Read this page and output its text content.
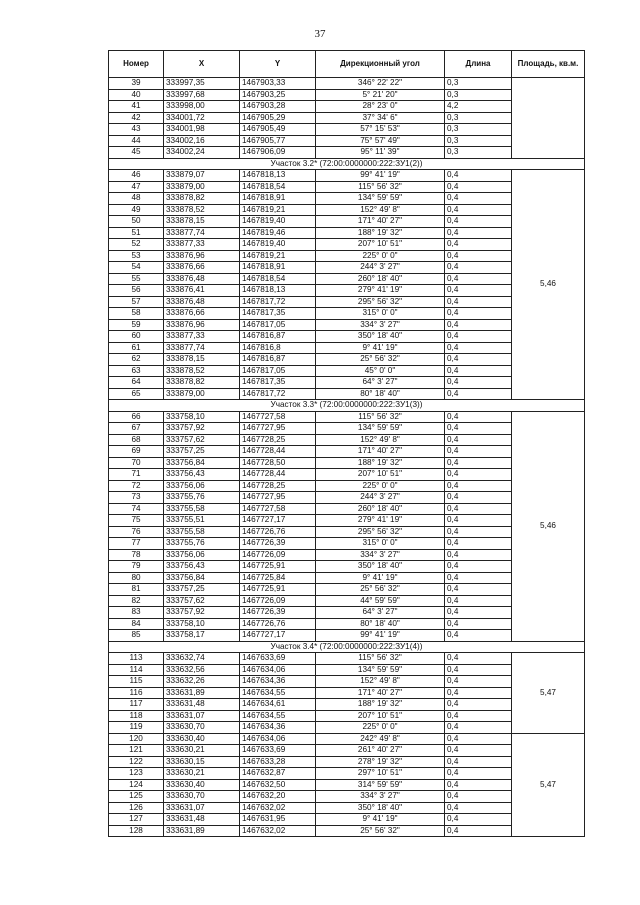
37
Номер	X	Y	Дирекционный угол	Длина	Площадь, кв.м.
39	333997,35	1467903,33	346° 22' 22"	0,3	
40	333997,68	1467903,25	5° 21' 20"	0,3	
41	333998,00	1467903,28	28° 23' 0"	4,2	
42	334001,72	1467905,29	37° 34' 6"	0,3	
43	334001,98	1467905,49	57° 15' 53"	0,3	
44	334002,16	1467905,77	75° 57' 49"	0,3	
45	334002,24	1467906,09	95° 11' 39"	0,3	
Участок 3.2* (72:00:0000000:222:ЗУ1(2))					
46	333879,07	1467818,13	99° 41' 19"	0,4	5,46
47	333879,00	1467818,54	115° 56' 32"	0,4	
48	333878,82	1467818,91	134° 59' 59"	0,4	
49	333878,52	1467819,21	152° 49' 8"	0,4	
50	333878,15	1467819,40	171° 40' 27"	0,4	
51	333877,74	1467819,46	188° 19' 32"	0,4	
52	333877,33	1467819,40	207° 10' 51"	0,4	
53	333876,96	1467819,21	225° 0' 0"	0,4	
54	333876,66	1467818,91	244° 3' 27"	0,4	
55	333876,48	1467818,54	260° 18' 40"	0,4	
56	333876,41	1467818,13	279° 41' 19"	0,4	
57	333876,48	1467817,72	295° 56' 32"	0,4	
58	333876,66	1467817,35	315° 0' 0"	0,4	
59	333876,96	1467817,05	334° 3' 27"	0,4	
60	333877,33	1467816,87	350° 18' 40"	0,4	
61	333877,74	1467816,8	9° 41' 19"	0,4	
62	333878,15	1467816,87	25° 56' 32"	0,4	
63	333878,52	1467817,05	45° 0' 0"	0,4	
64	333878,82	1467817,35	64° 3' 27"	0,4	
65	333879,00	1467817,72	80° 18' 40"	0,4	
Участок 3.3* (72:00:0000000:222:ЗУ1(3))					
66	333758,10	1467727,58	115° 56' 32"	0,4	5,46
67	333757,92	1467727,95	134° 59' 59"	0,4	
68	333757,62	1467728,25	152° 49' 8"	0,4	
69	333757,25	1467728,44	171° 40' 27"	0,4	
70	333756,84	1467728,50	188° 19' 32"	0,4	
71	333756,43	1467728,44	207° 10' 51"	0,4	
72	333756,06	1467728,25	225° 0' 0"	0,4	
73	333755,76	1467727,95	244° 3' 27"	0,4	
74	333755,58	1467727,58	260° 18' 40"	0,4	
75	333755,51	1467727,17	279° 41' 19"	0,4	
76	333755,58	1467726,76	295° 56' 32"	0,4	
77	333755,76	1467726,39	315° 0' 0"	0,4	
78	333756,06	1467726,09	334° 3' 27"	0,4	
79	333756,43	1467725,91	350° 18' 40"	0,4	
80	333756,84	1467725,84	9° 41' 19"	0,4	
81	333757,25	1467725,91	25° 56' 32"	0,4	
82	333757,62	1467726,09	44° 59' 59"	0,4	
83	333757,92	1467726,39	64° 3' 27"	0,4	
84	333758,10	1467726,76	80° 18' 40"	0,4	
85	333758,17	1467727,17	99° 41' 19"	0,4	
Участок 3.4* (72:00:0000000:222:ЗУ1(4))					
113	333632,74	1467633,69	115° 56' 32"	0,4	5,47
114	333632,56	1467634,06	134° 59' 59"	0,4	
115	333632,26	1467634,36	152° 49' 8"	0,4	
116	333631,89	1467634,55	171° 40' 27"	0,4	
117	333631,48	1467634,61	188° 19' 32"	0,4	
118	333631,07	1467634,55	207° 10' 51"	0,4	
119	333630,70	1467634,36	225° 0' 0"	0,4	
120	333630,40	1467634,06	242° 49' 8"	0,4	5,47
121	333630,21	1467633,69	261° 40' 27"	0,4	
122	333630,15	1467633,28	278° 19' 32"	0,4	
123	333630,21	1467632,87	297° 10' 51"	0,4	
124	333630,40	1467632,50	314° 59' 59"	0,4	
125	333630,70	1467632,20	334° 3' 27"	0,4	
126	333631,07	1467632,02	350° 18' 40"	0,4	
127	333631,48	1467631,95	9° 41' 19"	0,4	
128	333631,89	1467632,02	25° 56' 32"	0,4	
